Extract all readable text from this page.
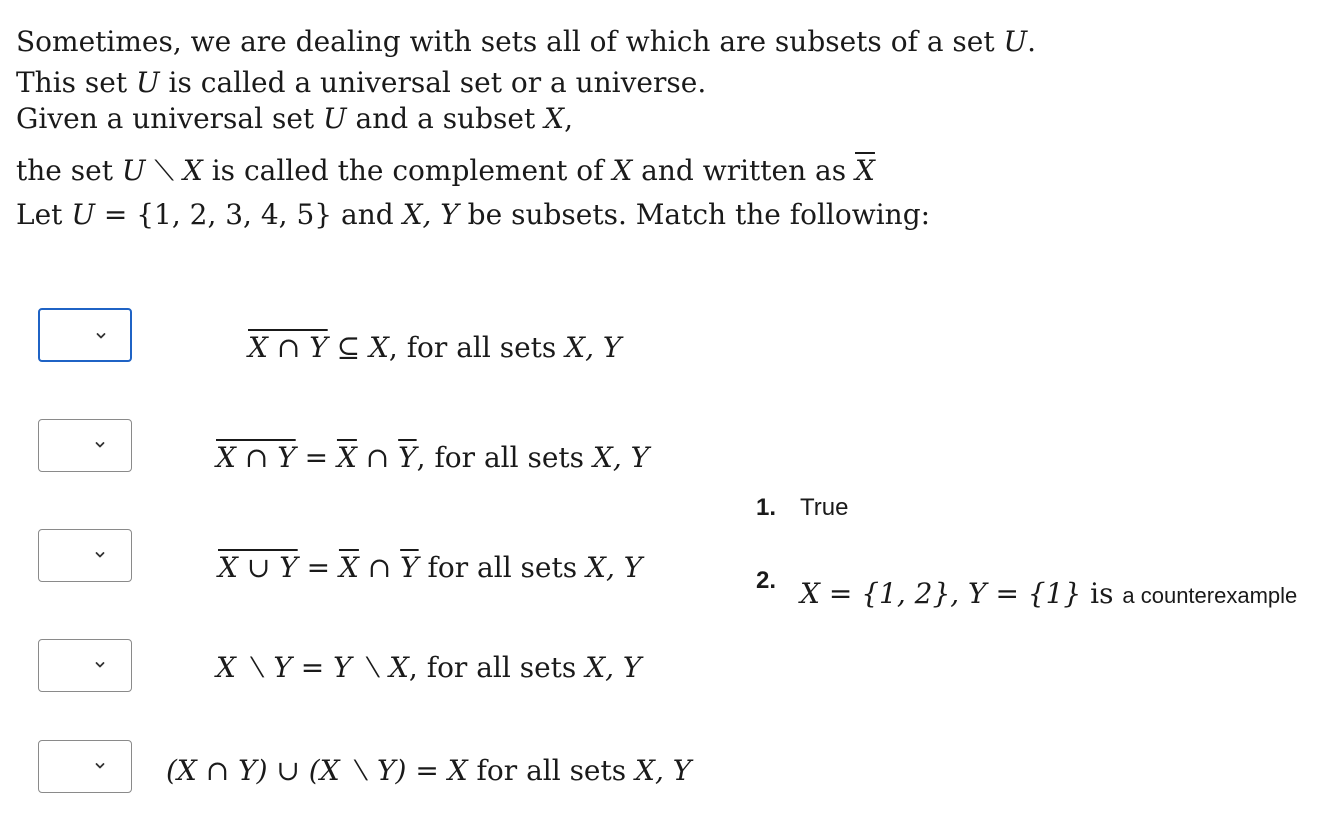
Sometimes, we are dealing with sets all of which are subsets of a set U.
This set U is called a universal set or a universe.
Given a universal set U and a subset X,
the set U ⟍ X is called the complement of X and written as $\overline{X}$
Let U = {1, 2, 3, 4, 5} and X, Y be subsets. Match the following:
X ∩ Y ⊆ X, for all sets X, Y
X ∩ $Y = \overline{X}$ ∩ $\overline{Y}$, for all sets X, Y
X ∪ $Y = \overline{X}$ ∩ $\overline{Y}$ for all sets X, Y
X ⟍ Y = Y ⟍ X, for all sets X, Y
(X ∩ Y) ∪ (X ⟍ Y) = X for all sets X, Y
1. True
2. X = {1, 2}, Y = {1} is a counterexample
